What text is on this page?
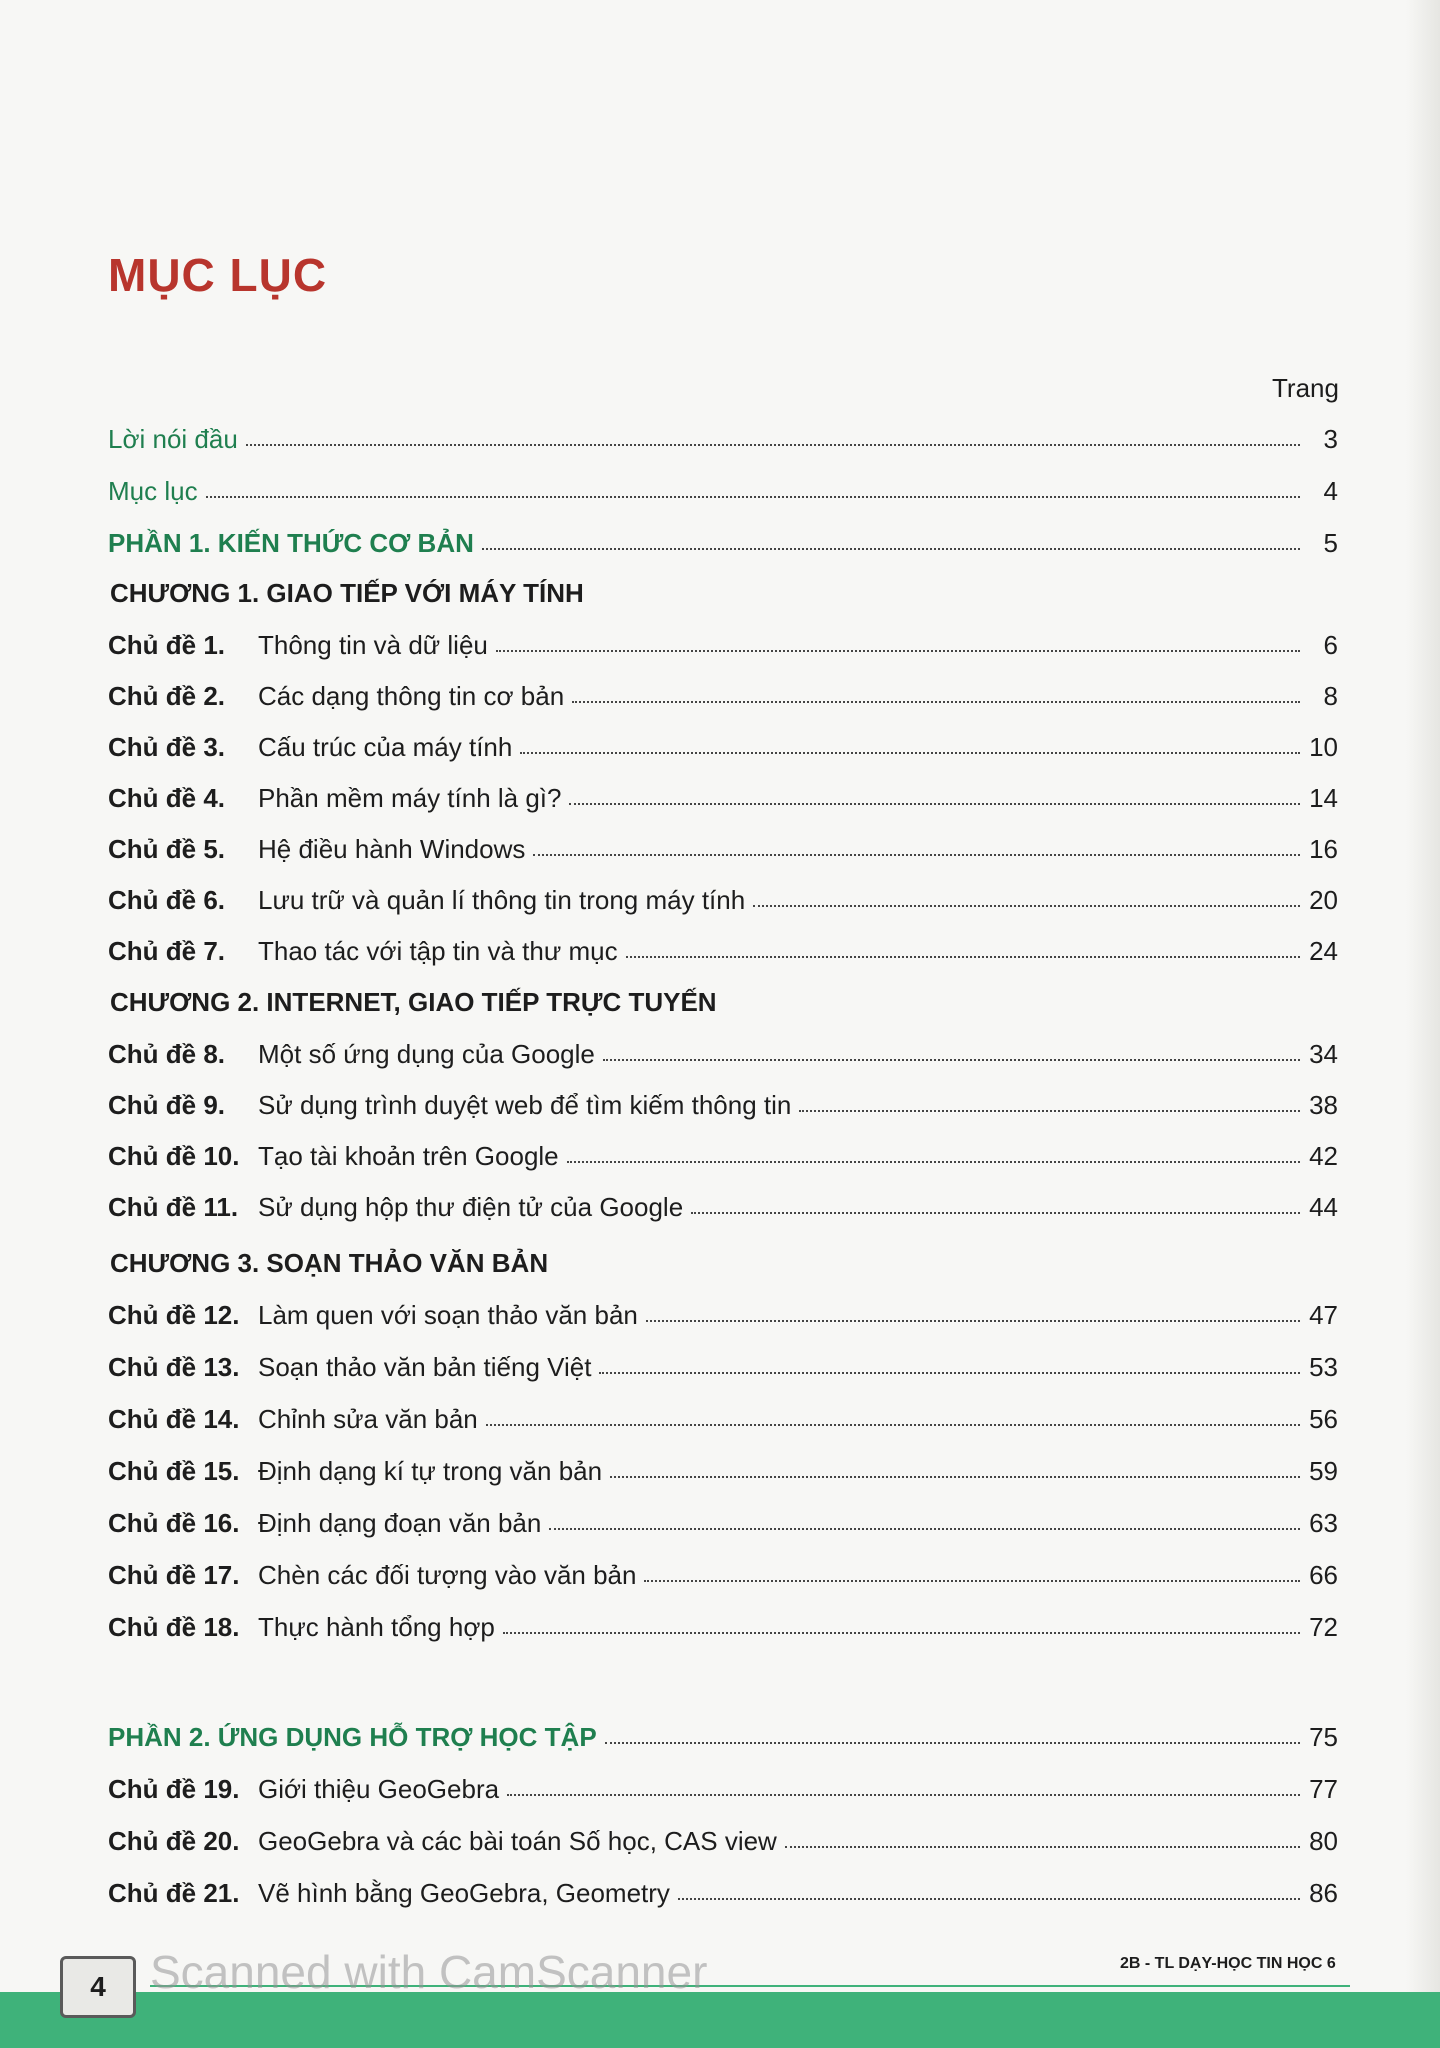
MỤC LỤC
Trang
Lời nói đầu	3
Mục lục	4
PHẦN 1. KIẾN THỨC CƠ BẢN	5
CHƯƠNG 1. GIAO TIẾP VỚI MÁY TÍNH
Chủ đề 1.	Thông tin và dữ liệu	6
Chủ đề 2.	Các dạng thông tin cơ bản	8
Chủ đề 3.	Cấu trúc của máy tính	10
Chủ đề 4.	Phần mềm máy tính là gì?	14
Chủ đề 5.	Hệ điều hành Windows	16
Chủ đề 6.	Lưu trữ và quản lí thông tin trong máy tính	20
Chủ đề 7.	Thao tác với tập tin và thư mục	24
CHƯƠNG 2. INTERNET, GIAO TIẾP TRỰC TUYẾN
Chủ đề 8.	Một số ứng dụng của Google	34
Chủ đề 9.	Sử dụng trình duyệt web để tìm kiếm thông tin	38
Chủ đề 10. Tạo tài khoản trên Google	42
Chủ đề 11. Sử dụng hộp thư điện tử của Google	44
CHƯƠNG 3. SOẠN THẢO VĂN BẢN
Chủ đề 12. Làm quen với soạn thảo văn bản	47
Chủ đề 13. Soạn thảo văn bản tiếng Việt	53
Chủ đề 14. Chỉnh sửa văn bản	56
Chủ đề 15. Định dạng kí tự trong văn bản	59
Chủ đề 16. Định dạng đoạn văn bản	63
Chủ đề 17. Chèn các đối tượng vào văn bản	66
Chủ đề 18. Thực hành tổng hợp	72
PHẦN 2. ỨNG DỤNG HỖ TRỢ HỌC TẬP	75
Chủ đề 19. Giới thiệu GeoGebra	77
Chủ đề 20. GeoGebra và các bài toán Số học, CAS view	80
Chủ đề 21. Vẽ hình bằng GeoGebra, Geometry	86
4 Scanned with CamScanner	2B - TL DẠY-HỌC TIN HỌC 6
